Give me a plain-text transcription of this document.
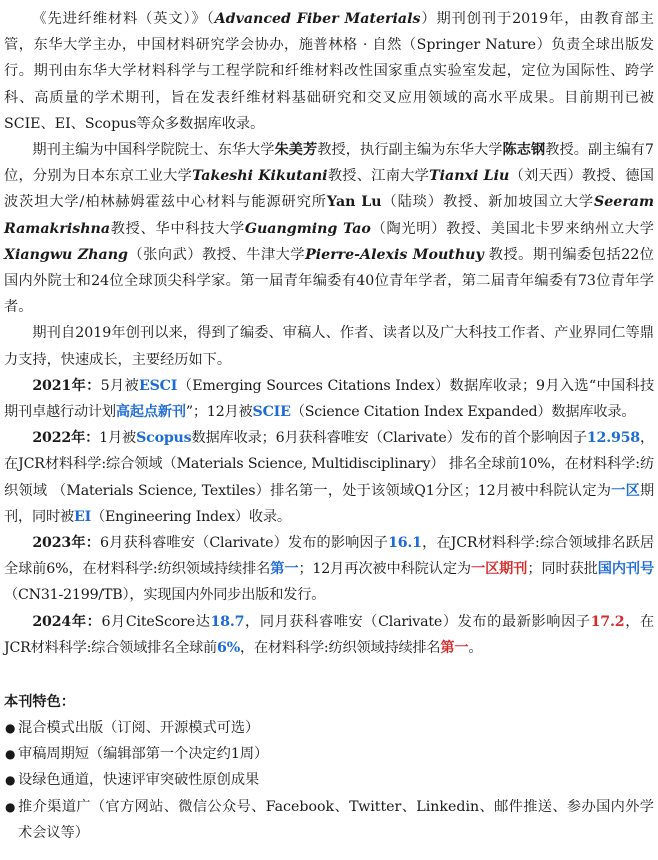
《先进纤维材料（英文）》（Advanced Fiber Materials）期刊创刊于2019年，由教育部主管，东华大学主办，中国材料研究学会协办，施普林格 · 自然（Springer Nature）负责全球出版发行。期刊由东华大学材料科学与工程学院和纤维材料改性国家重点实验室发起，定位为国际性、跨学科、高质量的学术期刊，旨在发表纤维材料基础研究和交叉应用领域的高水平成果。目前期刊已被SCIE、EI、Scopus等众多数据库收录。

期刊主编为中国科学院院士、东华大学朱美芳教授，执行副主编为东华大学陈志钢教授。副主编有7位，分别为日本东京工业大学Takeshi Kikutani教授、江南大学Tianxi Liu（刘天西）教授、德国波茨坦大学/柏林赫姆霍兹中心材料与能源研究所Yan Lu（陆琰）教授、新加坡国立大学Seeram Ramakrishna教授、华中科技大学Guangming Tao（陶光明）教授、美国北卡罗来纳州立大学Xiangwu Zhang（张向武）教授、牛津大学Pierre-Alexis Mouthuy 教授。期刊编委包括22位国内外院士和24位全球顶尖科学家。第一届青年编委有40位青年学者，第二届青年编委有73位青年学者。

期刊自2019年创刊以来，得到了编委、审稿人、作者、读者以及广大科技工作者、产业界同仁等鼎力支持，快速成长，主要经历如下。

2021年：5月被ESCI（Emerging Sources Citations Index）数据库收录；9月入选“中国科技期刊卓越行动计划高起点新刊”；12月被SCIE（Science Citation Index Expanded）数据库收录。

2022年：1月被Scopus数据库收录；6月获科睿唯安（Clarivate）发布的首个影响因子12.958，在JCR材料科学:综合领域（Materials Science, Multidisciplinary） 排名全球前10%，在材料科学:纺织领域 （Materials Science, Textiles）排名第一，处于该领域Q1分区；12月被中科院认定为一区期刊，同时被EI（Engineering Index）收录。

2023年：6月获科睿唯安（Clarivate）发布的影响因子16.1，在JCR材料科学:综合领域排名跃居全球前6%，在材料科学:纺织领域持续排名第一；12月再次被中科院认定为一区期刊；同时获批国内刊号（CN31-2199/TB），实现国内外同步出版和发行。

2024年：6月CiteScore达18.7，同月获科睿唯安（Clarivate）发布的最新影响因子17.2，在JCR材料科学:综合领域排名全球前6%，在材料科学:纺织领域持续排名第一。

本刊特色：
● 混合模式出版（订阅、开源模式可选）
● 审稿周期短（编辑部第一个决定约1周）
● 设绿色通道，快速评审突破性原创成果
● 推介渠道广（官方网站、微信公众号、Facebook、Twitter、Linkedin、邮件推送、参办国内外学术会议等）
